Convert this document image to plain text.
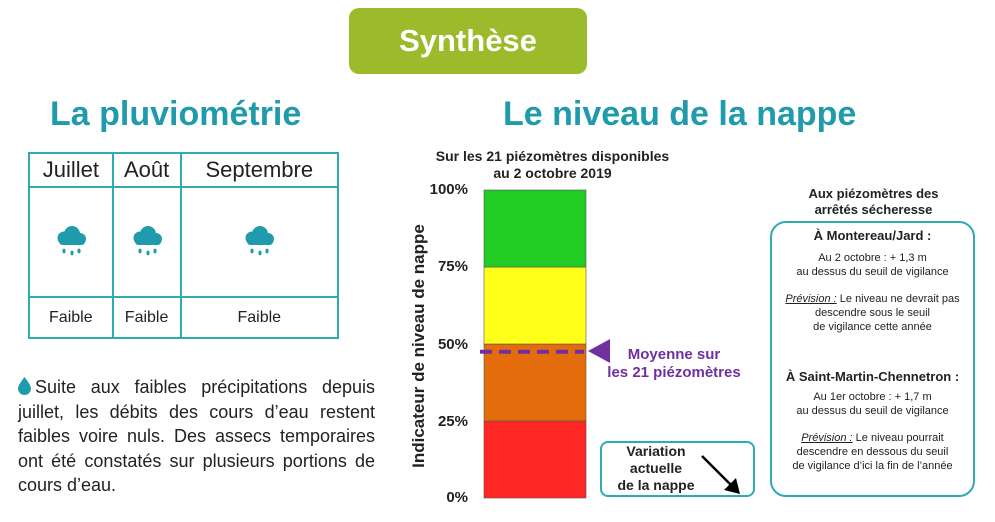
Synthèse
La pluviométrie
Juillet	Août	Septembre

Faible	Faible	Faible
Suite aux faibles précipitations depuis juillet, les débits des cours d’eau restent faibles voire nuls. Des assecs temporaires ont été constatés sur plusieurs portions de cours d’eau.
Le niveau de la nappe
Sur les 21 piézomètres disponibles
au 2 octobre 2019
Indicateur de niveau de nappe
100%
75%
50%
25%
0%
Moyenne sur
les 21 piézomètres
Variation
actuelle
de la nappe
Aux piézomètres des
arrêtés sécheresse
À Montereau/Jard :
Au 2 octobre : + 1,3 m
au dessus du seuil de vigilance
Prévision : Le niveau ne devrait pas
descendre sous le seuil
de vigilance cette année
À Saint-Martin-Chennetron :
Au 1er octobre : + 1,7 m
au dessus du seuil de vigilance
Prévision : Le niveau pourrait
descendre en dessous du seuil
de vigilance d’ici la fin de l’année
